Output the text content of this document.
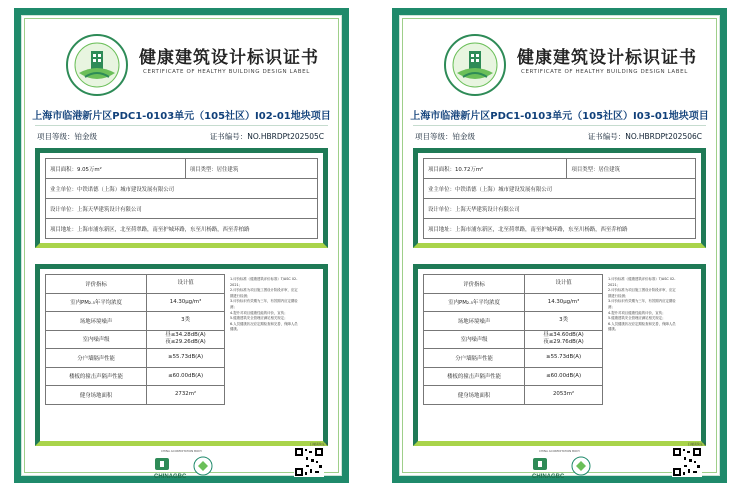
健康建筑设计标识证书
CERTIFICATE OF HEALTHY BUILDING DESIGN LABEL
上海市临港新片区PDC1-0103单元（105社区）I02-01地块项目
项目等级：铂金级	证书编号：NO.HBRDPt202505C
项目面积：9.05万m²	项目类型：居住建筑
业主单位：中铁诺德（上海）城市建设发展有限公司
设计单位：上海天华建筑设计有限公司
项目地址：上海市浦东新区，北至荷翠路，南至护城环路，东至川杨路，西至乔柏路
评价指标	设计值
室内PM₂.₅年平均浓度	14.30μg/m³
场地环境噪声	3类
室内噪声级	昼≤34.28dB(A)
夜≤29.26dB(A)
分户墙隔声性能	≥55.73dB(A)
楼板的撞击声隔声性能	≤60.00dB(A)
健身场地面积	2732m²
1.评价标准《健康建筑评价标准》T/ASC 02-2021；
2.评价标准为项目施工图设计阶段评审，应定期进行检测；
3.评价标识有效期为三年，有效期内应定期检测；
4.提升对项目健康性能的评价，宣传；
5.健康建筑安全管理应满足相关规定；
6.人员健康状况应定期检查和完善，保障人员健康。
CHINA ACCREDITATION BODY
CHINAGBC
扫描查验证书
健康建筑设计标识证书
CERTIFICATE OF HEALTHY BUILDING DESIGN LABEL
上海市临港新片区PDC1-0103单元（105社区）I03-01地块项目
项目等级：铂金级	证书编号：NO.HBRDPt202506C
项目面积：10.72万m²	项目类型：居住建筑
业主单位：中铁诺德（上海）城市建设发展有限公司
设计单位：上海天华建筑设计有限公司
项目地址：上海市浦东新区，北至荷翠路，南至护城环路，东至川杨路，西至乔柏路
评价指标	设计值
室内PM₂.₅年平均浓度	14.30μg/m³
场地环境噪声	3类
室内噪声级	昼≤34.60dB(A)
夜≤29.76dB(A)
分户墙隔声性能	≥55.73dB(A)
楼板的撞击声隔声性能	≤60.00dB(A)
健身场地面积	2053m²
1.评价标准《健康建筑评价标准》T/ASC 02-2021；
2.评价标准为项目施工图设计阶段评审，应定期进行检测；
3.评价标识有效期为三年，有效期内应定期检测；
4.提升对项目健康性能的评价，宣传；
5.健康建筑安全管理应满足相关规定；
6.人员健康状况应定期检查和完善，保障人员健康。
CHINA ACCREDITATION BODY
CHINAGBC
扫描查验证书
